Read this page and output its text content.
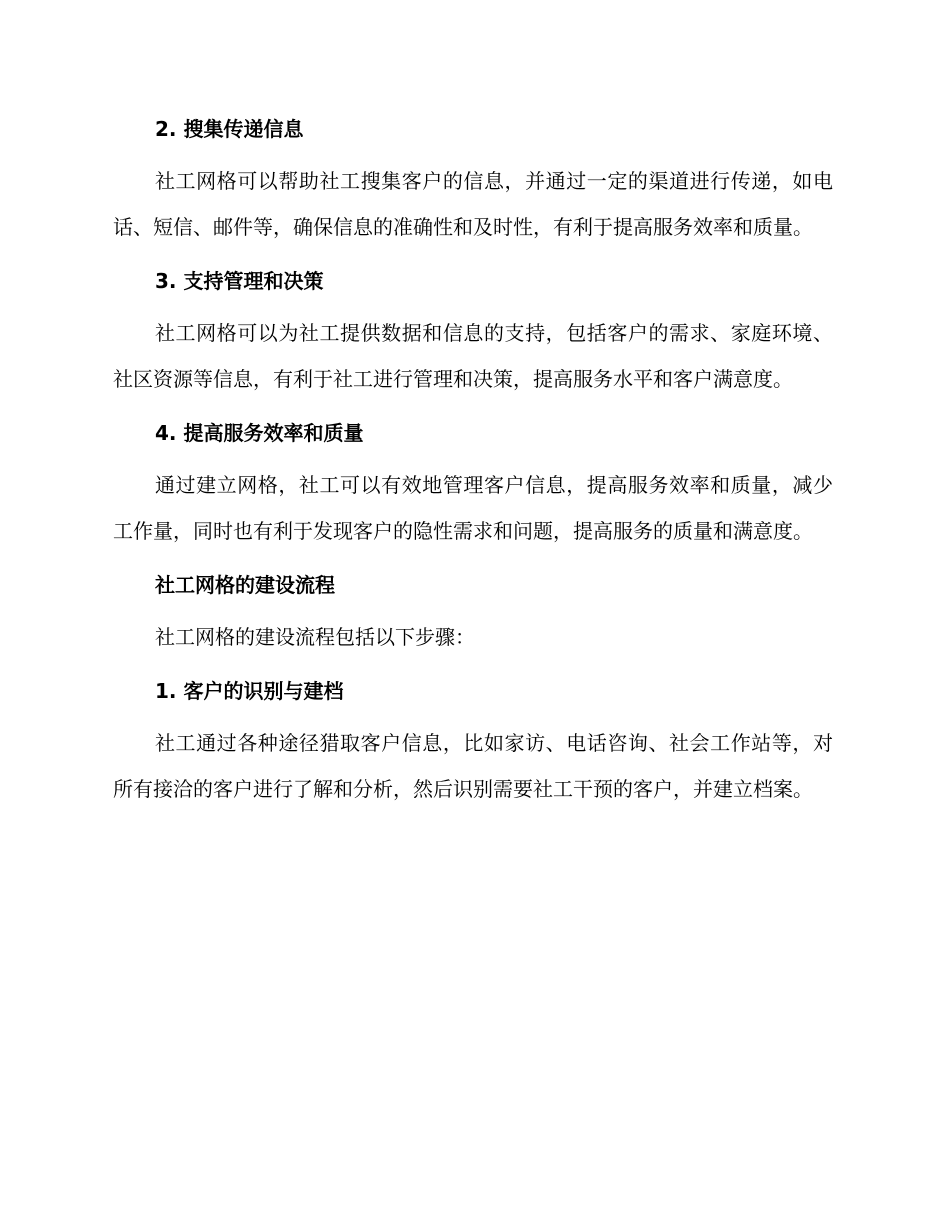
2. 搜集传递信息

社工网格可以帮助社工搜集客户的信息，并通过一定的渠道进行传递，如电话、短信、邮件等，确保信息的准确性和及时性，有利于提高服务效率和质量。

3. 支持管理和决策

社工网格可以为社工提供数据和信息的支持，包括客户的需求、家庭环境、社区资源等信息，有利于社工进行管理和决策，提高服务水平和客户满意度。

4. 提高服务效率和质量

通过建立网格，社工可以有效地管理客户信息，提高服务效率和质量，减少工作量，同时也有利于发现客户的隐性需求和问题，提高服务的质量和满意度。

社工网格的建设流程

社工网格的建设流程包括以下步骤：

1. 客户的识别与建档

社工通过各种途径猎取客户信息，比如家访、电话咨询、社会工作站等，对所有接洽的客户进行了解和分析，然后识别需要社工干预的客户，并建立档案。
